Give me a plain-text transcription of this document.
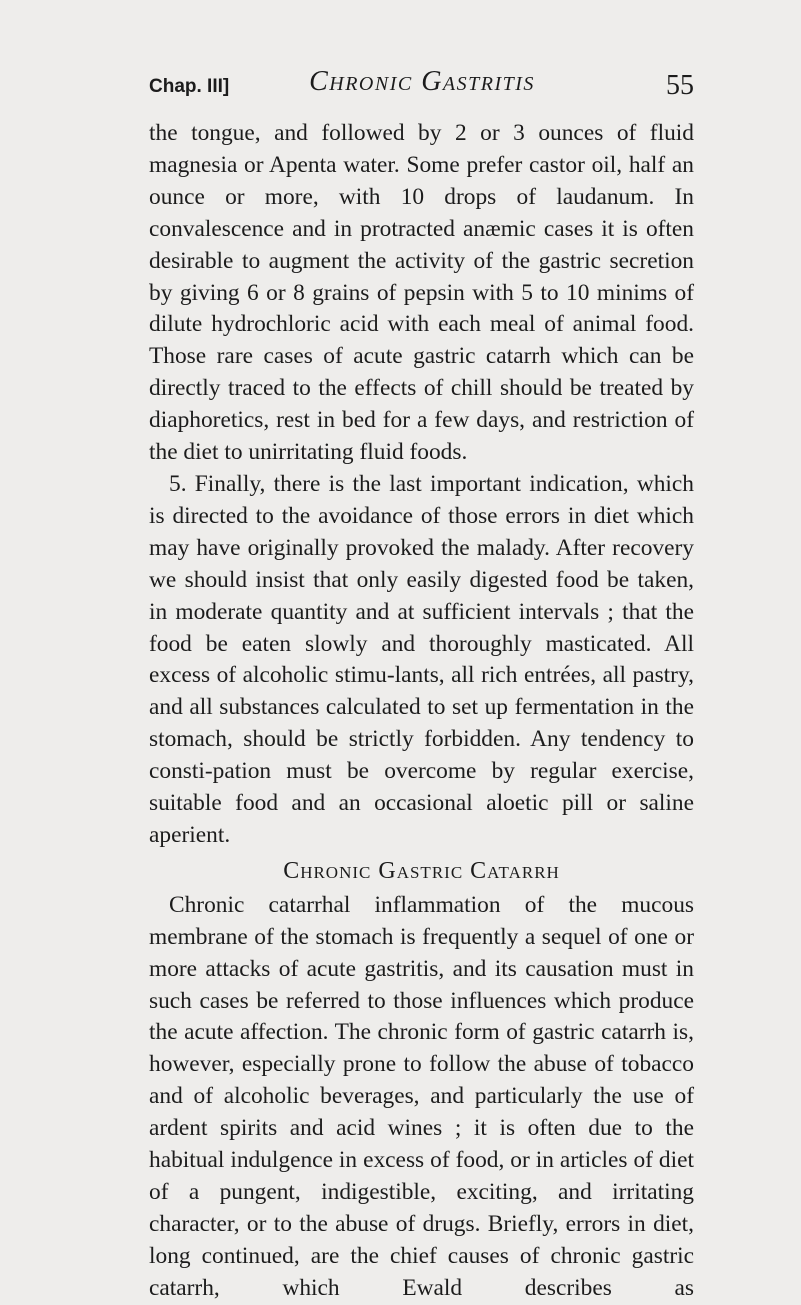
Chap. III]	Chronic Gastritis	55

the tongue, and followed by 2 or 3 ounces of fluid magnesia or Apenta water. Some prefer castor oil, half an ounce or more, with 10 drops of laudanum. In convalescence and in protracted anæmic cases it is often desirable to augment the activity of the gastric secretion by giving 6 or 8 grains of pepsin with 5 to 10 minims of dilute hydrochloric acid with each meal of animal food. Those rare cases of acute gastric catarrh which can be directly traced to the effects of chill should be treated by diaphoretics, rest in bed for a few days, and restriction of the diet to unirritating fluid foods.

5. Finally, there is the last important indication, which is directed to the avoidance of those errors in diet which may have originally provoked the malady. After recovery we should insist that only easily digested food be taken, in moderate quantity and at sufficient intervals ; that the food be eaten slowly and thoroughly masticated. All excess of alcoholic stimu-lants, all rich entrées, all pastry, and all substances calculated to set up fermentation in the stomach, should be strictly forbidden. Any tendency to consti-pation must be overcome by regular exercise, suitable food and an occasional aloetic pill or saline aperient.

Chronic Gastric Catarrh

Chronic catarrhal inflammation of the mucous membrane of the stomach is frequently a sequel of one or more attacks of acute gastritis, and its causation must in such cases be referred to those influences which produce the acute affection. The chronic form of gastric catarrh is, however, especially prone to follow the abuse of tobacco and of alcoholic beverages, and particularly the use of ardent spirits and acid wines ; it is often due to the habitual indulgence in excess of food, or in articles of diet of a pungent, indigestible, exciting, and irritating character, or to the abuse of drugs. Briefly, errors in diet, long continued, are the chief causes of chronic gastric catarrh, which Ewald describes as
